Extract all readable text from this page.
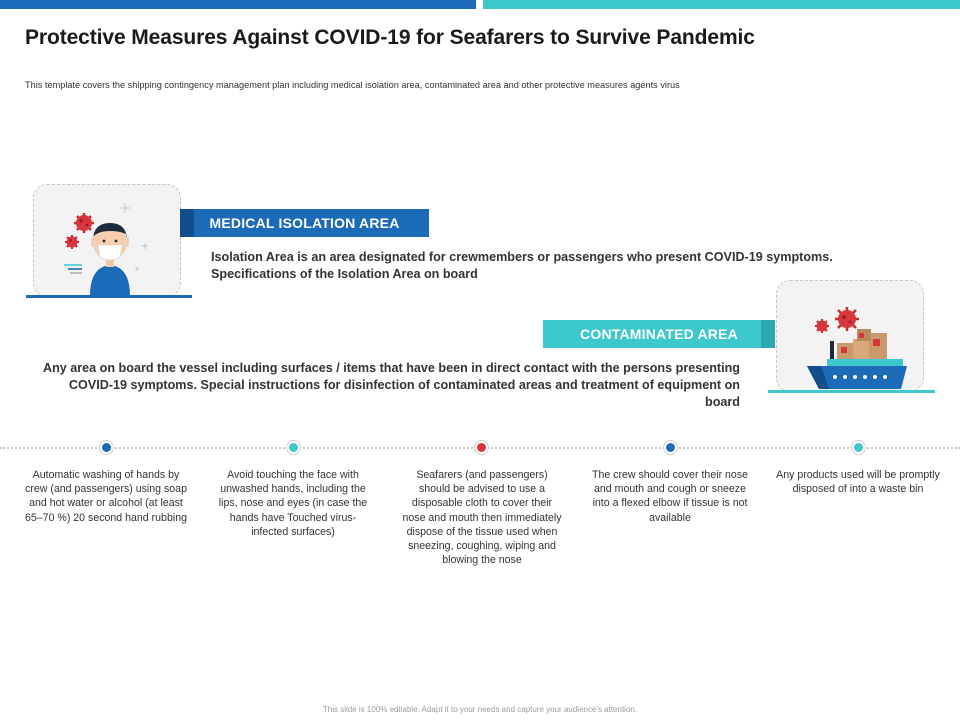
Protective Measures Against COVID-19 for Seafarers to Survive Pandemic
This template covers the shipping contingency management plan including medical isolation area, contaminated area and other protective measures agents virus
MEDICAL ISOLATION AREA
Isolation Area is an area designated for crewmembers or passengers who present COVID-19 symptoms. Specifications of the Isolation Area on board
CONTAMINATED AREA
Any area on board the vessel including surfaces / items that have been in direct contact with the persons presenting COVID-19 symptoms. Special instructions for disinfection of contaminated areas and treatment of equipment on board
Automatic washing of hands by crew (and passengers) using soap and hot water or alcohol (at least 65–70 %) 20 second hand rubbing
Avoid touching the face with unwashed hands, including the lips, nose and eyes (in case the hands have Touched virus- infected surfaces)
Seafarers (and passengers) should be advised to use a disposable cloth to cover their nose and mouth then immediately dispose of the tissue used when sneezing, coughing, wiping and blowing the nose
The crew should cover their nose and mouth and cough or sneeze into a flexed elbow if tissue is not available
Any products used will be promptly disposed of into a waste bin
This slide is 100% editable. Adapt it to your needs and capture your audience's attention.
